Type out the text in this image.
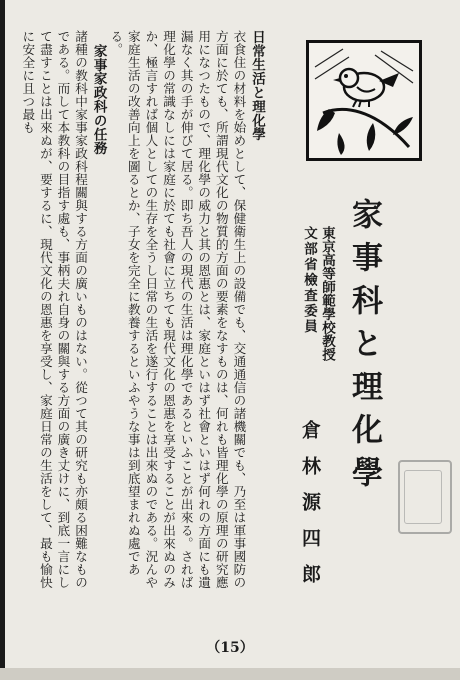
家事科と理化學
東京高等師範學校教授
文部省檢査委員
倉林源四郎

日常生活と理化學

衣食住の材料を始めとして、保健衛生上の設備でも、交通通信の諸機關でも、乃至は軍事國防の方面に於ても、所謂現代文化の物質的方面の要素をなすものは、何れも皆理化學の原理の研究應用になつたもので、理化學の威力と其の恩惠とは、家庭といはず社會といはず何れの方面にも遺漏なく其の手が伸びて居る。即ち吾人の現代の生活は理化學であるといふことが出來る。されば理化學の常識なしには家庭に於ても社會に立ちても現代文化の恩惠を享受することが出來ぬのみか、極言すれば個人としての生存を全うし日常の生活を遂行することは出來ぬのである。況んや家庭生活の改善向上を圖るとか、子女を完全に教養するといふやうな事は到底望まれぬ處である。

家事家政科の任務

諸種の教科中家事家政科程關與する方面の廣いものはない。從つて其の研究も亦頗る困難なものである。而して本教科の目指す處も、事柄夫れ自身の關與する方面の廣き丈けに、到底一言にして盡すことは出來ぬが、要するに、現代文化の恩惠を享受し、家庭日常の生活をして、最も愉快に安全に且つ最も

（15）
